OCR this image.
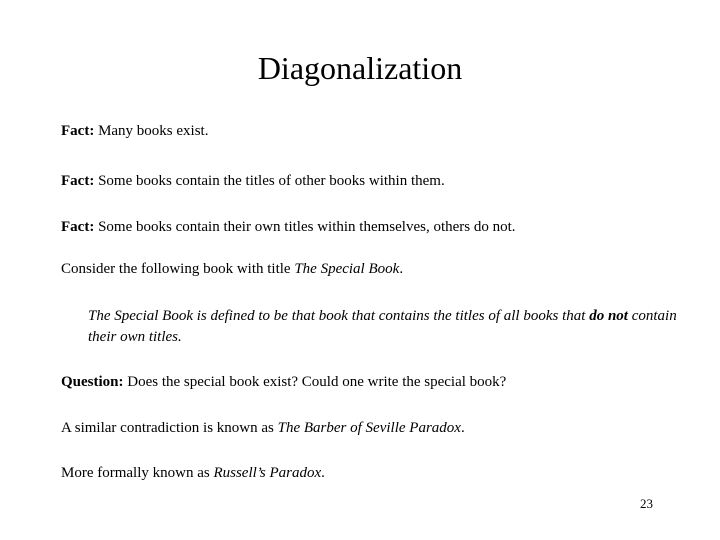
Diagonalization
Fact: Many books exist.
Fact: Some books contain the titles of other books within them.
Fact: Some books contain their own titles within themselves, others do not.
Consider the following book with title The Special Book.
The Special Book is defined to be that book that contains the titles of all books that do not contain their own titles.
Question: Does the special book exist? Could one write the special book?
A similar contradiction is known as The Barber of Seville Paradox.
More formally known as Russell’s Paradox.
23
